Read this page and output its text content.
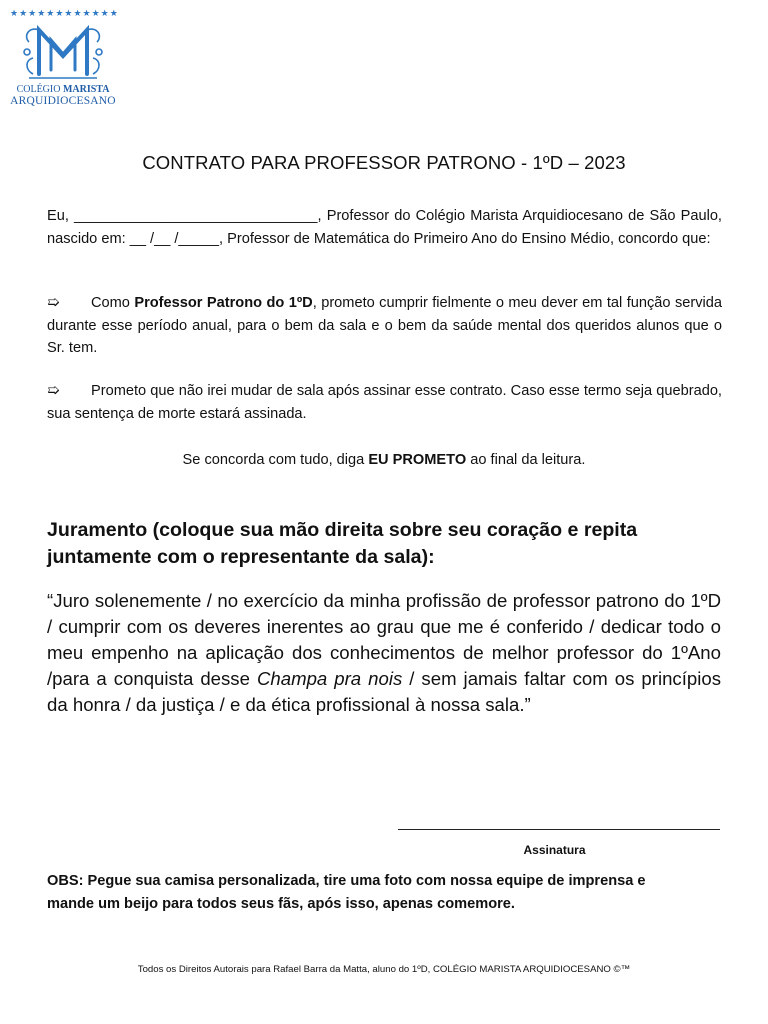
★★★★★★★★★★★★
COLÉGIO MARISTA
ARQUIDIOCESANO
CONTRATO PARA PROFESSOR PATRONO - 1ºD – 2023
Eu, ______________________________, Professor do Colégio Marista Arquidiocesano de São Paulo, nascido em: __ /__ /_____, Professor de Matemática do Primeiro Ano do Ensino Médio, concordo que:
➯ Como Professor Patrono do 1ºD, prometo cumprir fielmente o meu dever em tal função servida durante esse período anual, para o bem da sala e o bem da saúde mental dos queridos alunos que o Sr. tem.
➯ Prometo que não irei mudar de sala após assinar esse contrato. Caso esse termo seja quebrado, sua sentença de morte estará assinada.
Se concorda com tudo, diga EU PROMETO ao final da leitura.
Juramento (coloque sua mão direita sobre seu coração e repita juntamente com o representante da sala):
“Juro solenemente / no exercício da minha profissão de professor patrono do 1ºD / cumprir com os deveres inerentes ao grau que me é conferido / dedicar todo o meu empenho na aplicação dos conhecimentos de melhor professor do 1ºAno /para a conquista desse Champa pra nois / sem jamais faltar com os princípios da honra / da justiça / e da ética profissional à nossa sala.”
Assinatura
OBS: Pegue sua camisa personalizada, tire uma foto com nossa equipe de imprensa e mande um beijo para todos seus fãs, após isso, apenas comemore.
Todos os Direitos Autorais para Rafael Barra da Matta, aluno do 1ºD, COLÉGIO MARISTA ARQUIDIOCESANO ©™
